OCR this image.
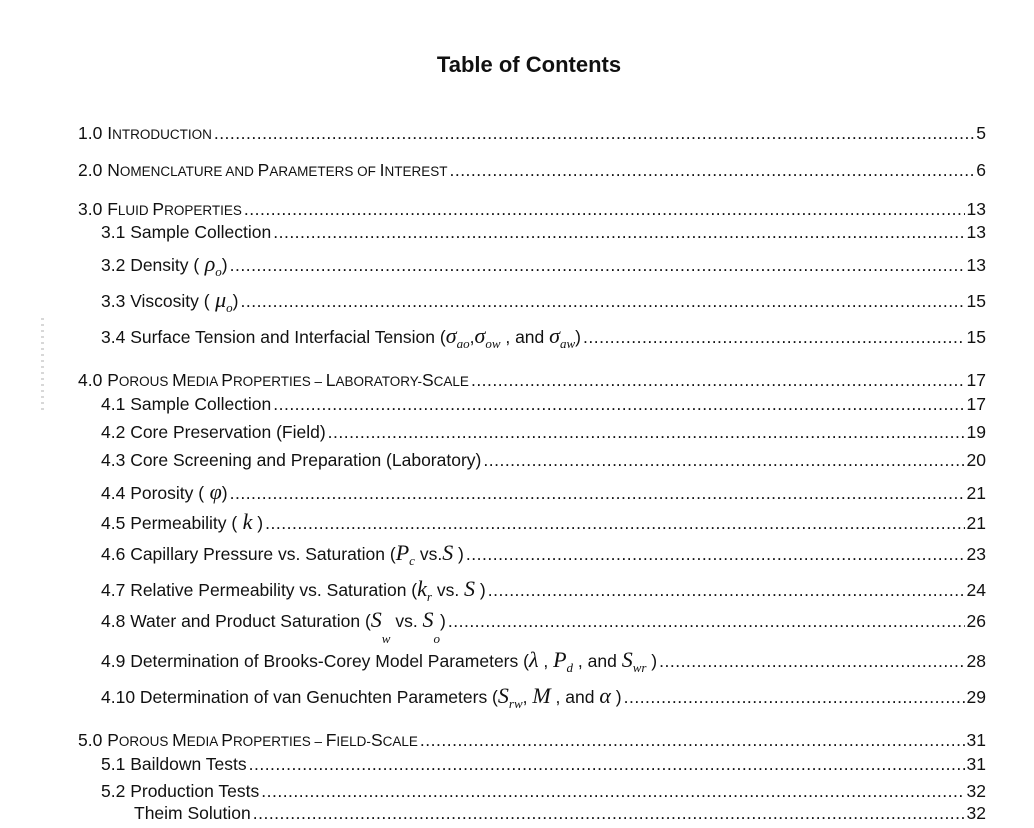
Table of Contents
1.0 INTRODUCTION .....	5
2.0 NOMENCLATURE AND PARAMETERS OF INTEREST .....	6
3.0 FLUID PROPERTIES .....	13
3.1 Sample Collection .....	13
3.2 Density ( $\rho_o$) .....	13
3.3 Viscosity ( $\mu_o$) .....	15
3.4 Surface Tension and Interfacial Tension ($\sigma_{ao},\sigma_{ow}$ , and $\sigma_{aw}$) .....	15
4.0 POROUS MEDIA PROPERTIES – LABORATORY-SCALE .....	17
4.1 Sample Collection .....	17
4.2 Core Preservation (Field) .....	19
4.3 Core Screening and Preparation (Laboratory) .....	20
4.4 Porosity ( φ) .....	21
4.5 Permeability ( k ) .....	21
4.6 Capillary Pressure vs. Saturation ($P_c$ vs.S ) .....	23
4.7 Relative Permeability vs. Saturation ($k_r$ vs. S ) .....	24
4.8 Water and Product Saturation ($S_w$ vs. $S_o$) .....	26
4.9 Determination of Brooks-Corey Model Parameters (λ , $P_d$ , and $S_{wr}$ ) .....	28
4.10 Determination of van Genuchten Parameters ($S_{rw}$, M , and α ) .....	29
5.0 POROUS MEDIA PROPERTIES – FIELD-SCALE .....	31
5.1 Baildown Tests .....	31
5.2 Production Tests .....	32
Theim Solution .....	32
